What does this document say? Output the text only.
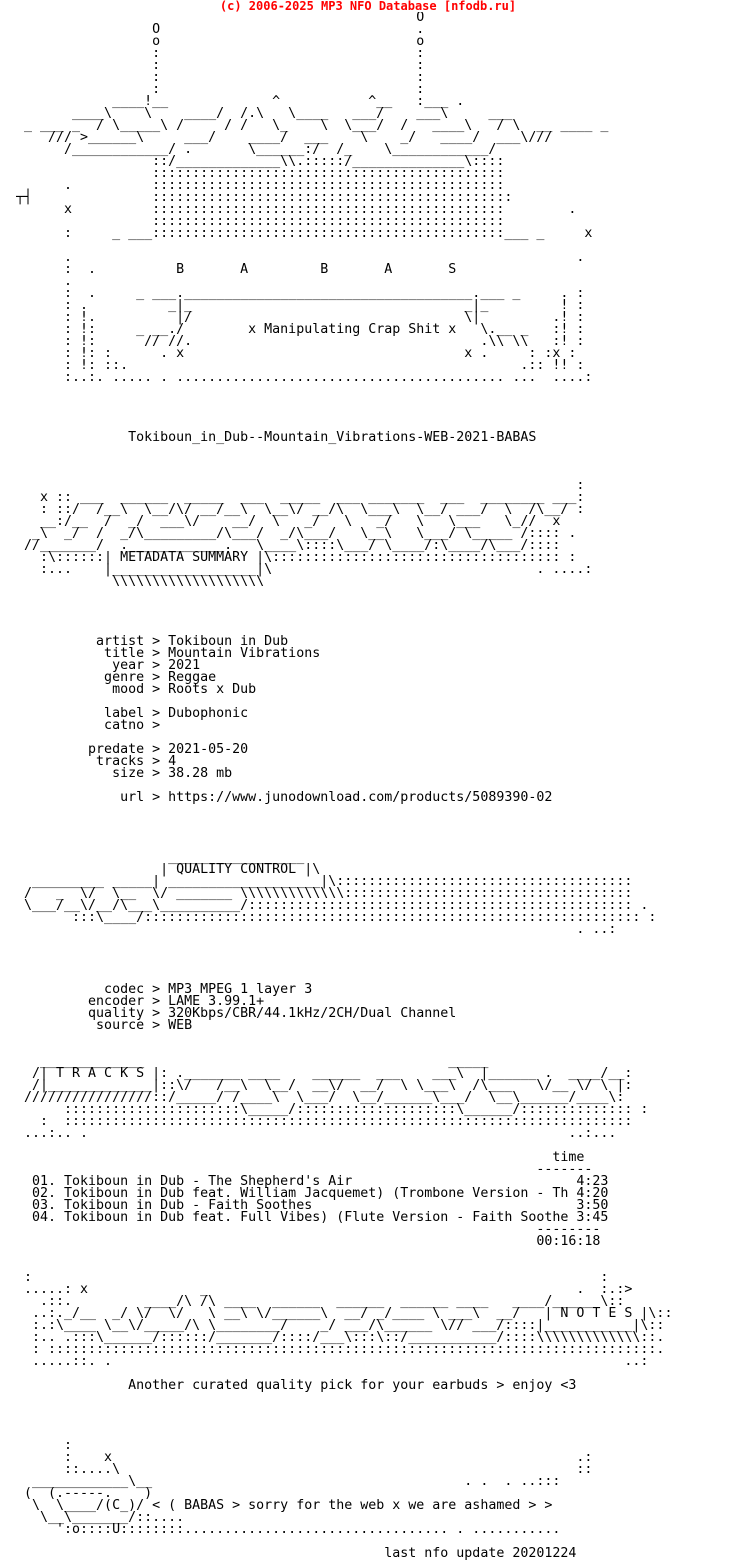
(c) 2006-2025 MP3 NFO Database [nfodb.ru]
O
O                                .
o                                o
:                                :
:                                :
:                                :
:                                :
____!__             ^           ^__   :___ .
____\    \    ____/  /.\   \____   ___/    ___\     ___
_ ___ _  / \_____\ /     / /   \_    \  \___/  /   ____\   / \  __ ____ _
/// >______\     ___/    ____/  ___    \    _/   ____/  ___\///
/____________/ .       \______:/  /_    \____________/
::/_____________\\.:::::/______________\::::
::::::::::::::::::::::::::::::::::::::::::::
.          ::::::::::::::::::::::::::::::::::::::::::::
┬┤               :::::::::::::::::::::::::::::::::::::::::::::
x          ::::::::::::::::::::::::::::::::::::::::::::        .
::::::::::::::::::::::::::::::::::::::::::::
:     _ ___::::::::::::::::::::::::::::::::::::::::::::___ _     x

.                                                               .
:  .          B       A         B       A       S
.
:  .     _ ___.____________________________________.___ _     . :
: .          _|_                                  _|_         ! :
: !.          |/                                  \|         .! :
: !:     _ __./        x Manipulating Crap Shit x   \.__ _   :! :
: !:      // //.                                    .\\ \\   :! :
: !: :      . x                                   x .     : :x :
: !: ::.                                                 .:: !! :
:..:. ..... . ......................................... ...  ....:

Tokiboun_in_Dub--Mountain_Vibrations-WEB-2021-BABAS

:
x :: ___  ______  _____  ___  _____  ___ _______  ___  ________ ___:
: ::/  /__\  \__/\/ __/__\  \__\/ __/\  \___\  \__/ ___/  \  /\__/ :
__:/__  /  _/  ___\/    __/  \   _/   \   _/   \   \___   \_//  x
_\  _/  /  _/\_________/\___/  _/\___/   \__\   \___/ \_____ /:::: .
//_______/  .____________.   \____\::::\___/ \____/:\____/\___/::::
:\::::::| METADATA SUMMARY |\:::::::::::::::::::::::::::::::::::: :
:...    |__________________|\                                 . ....:
\\\\\\\\\\\\\\\\\\\

artist > Tokiboun in Dub
title > Mountain Vibrations
year > 2021
genre > Reggae
mood > Roots x Dub

label > Dubophonic
catno >

predate > 2021-05-20
tracks > 4
size > 38.28 mb

url > https://www.junodownload.com/products/5089390-02

_________________
| QUALITY CONTROL |\
_________ _____| ___________________|\:::::::::::::::::::::::::::::::::::::
/   _  \/  \__  \/ _______ \\\\\\\\\\\\\::::::::::::::::::::::::::::::::::::
\___/__\/__/\___\__________/:::::::::::::::::::::::::::::::::::::::::::::::: .
:::\____/:::::::::::::::::::::::::::::::::::::::::::::::::::::::::::::: :
. ..:

codec > MP3 MPEG 1 layer 3
encoder > LAME 3.99.1+
quality > 320Kbps/CBR/44.1kHz/2CH/Dual Channel
source > WEB

_____________                                      _____
/| T R A C K S |: ._______ ____    ______  ___    ___\  |______ .  ____/__:
/|_____________|::\/   /__\  \__/  __\/  __/  \ \___\  /\___   \/__ \/ \ |:
////////////////::/_____/ /____\  \___/  \__/______\___/  \__\______/____\:
::::::::::::::::::::::\_____/::::::::::::::::::::\______/:::::::::::::: :
:  :::::::::::::::::::::::::::::::::::::::::::::::::::::::::::::::::::::::
...:.. .                                                            ..:...

time
-------
01. Tokiboun in Dub - The Shepherd's Air                            4:23
02. Tokiboun in Dub feat. William Jacquemet) (Trombone Version - Th 4:20
03. Tokiboun in Dub - Faith Soothes                                 3:50
04. Tokiboun in Dub feat. Full Vibes) (Flute Version - Faith Soothe 3:45
--------
00:16:18

:                                                                       :
.....: x              _                                              .  :.:>
.::.         ____/\ /\ ____  ______  ______  ______ ____   ____/_____ \::
..:._/__  _/ \/  \/   \ __\ \/______\  __/ _/____ \ ___\  __/   | N O T E S |\::
:.:\____ \__\/_____/\ \________/    _/ ___/\______ \// ___/::::|___________|\::
:.. .:::\______/::::::/_______/::::/___\:::\::/___________/::::\\\\\\\\\\\\\::.
: ::::::::::::::::::::::::::::::::::::::::::::::::::::::::::::::::::::::::::::.
.....::. .                                                                ..:

Another curated quality pick for your earbuds > enjoy <3

:
:    x                                                          .:
::....\                                                         ::
____________\__                                       . .  . ..:::
(  (.-----.    )
\  \____/(C_)/ < ( BABAS > sorry for the web x we are ashamed > >
\__\_______/::....
':o::::U::::::::................................. . ...........

last nfo update 20201224
